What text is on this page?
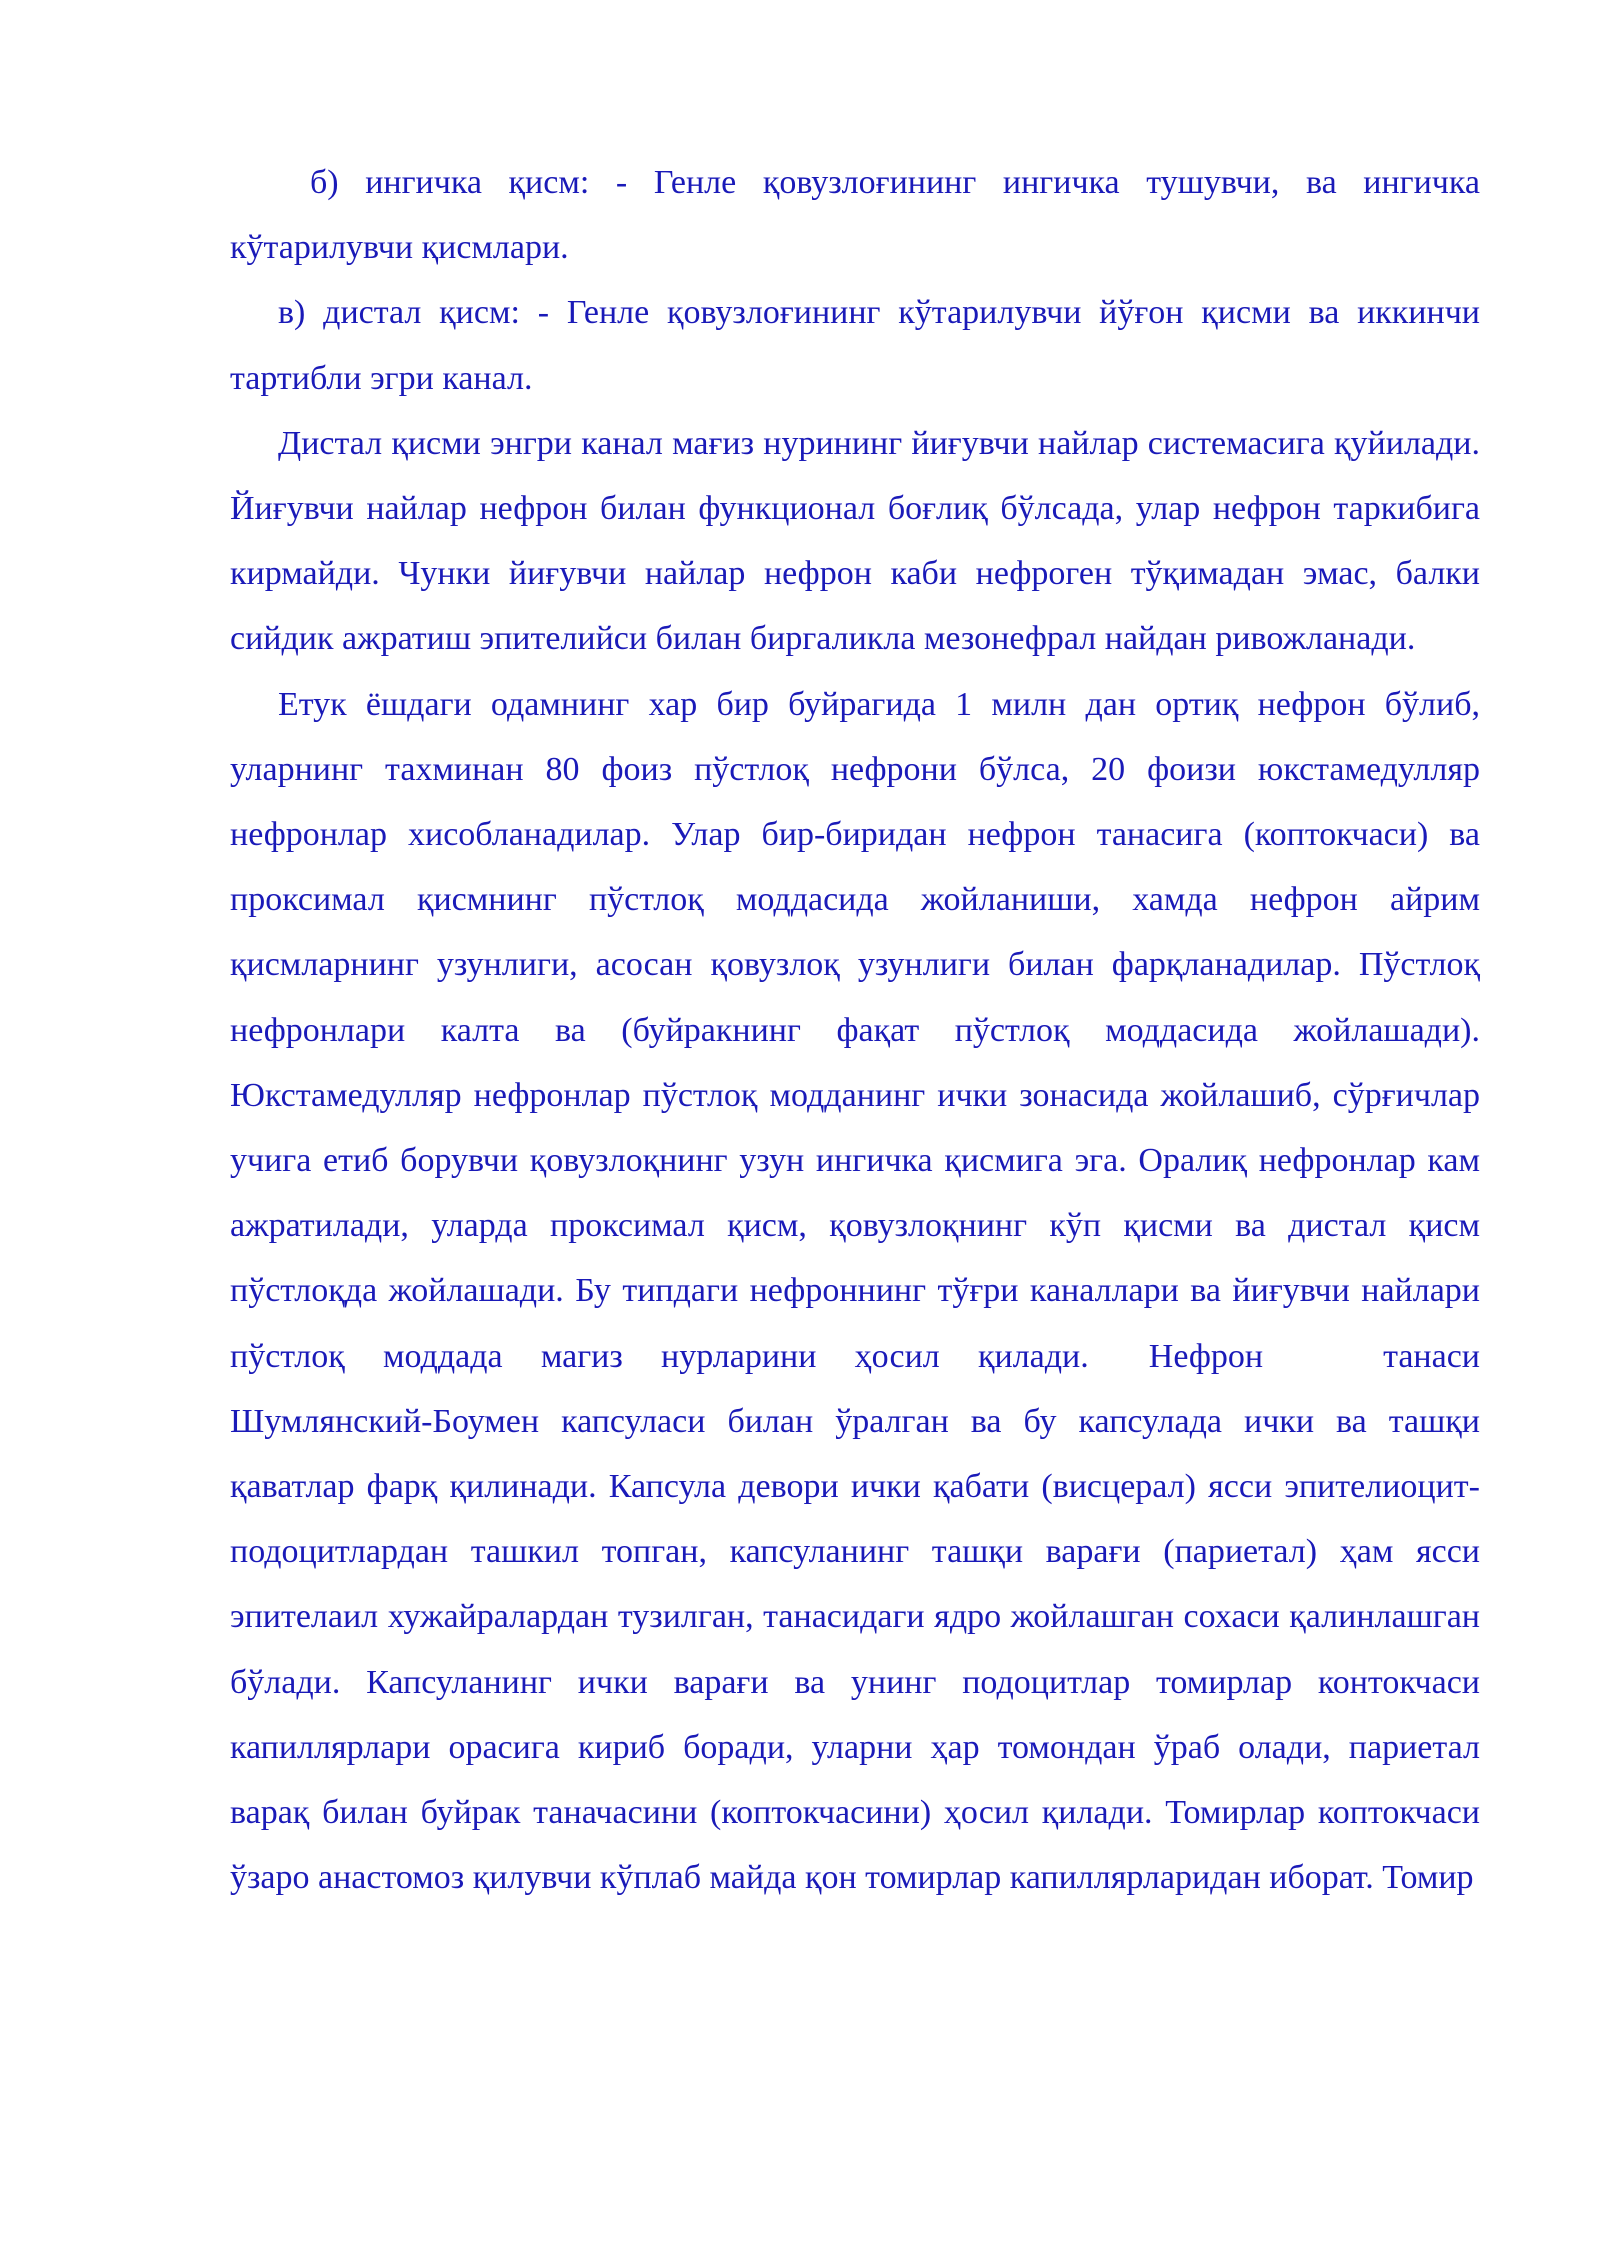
б) ингичка қисм: - Генле қовузлоғининг ингичка тушувчи, ва ингичка кўтарилувчи қисмлари.

в) дистал қисм: - Генле қовузлоғининг кўтарилувчи йўғон қисми ва иккинчи тартибли эгри канал.

Дистал қисми энгри канал мағиз нурининг йиғувчи найлар системасига қуйилади. Йиғувчи найлар нефрон билан функционал боғлиқ бўлсада, улар нефрон таркибига кирмайди. Чунки йиғувчи найлар нефрон каби нефроген тўқимадан эмас, балки сийдик ажратиш эпителийси билан биргаликла мезонефрал найдан ривожланади.

Етук ёшдаги одамнинг хар бир буйрагида 1 милн дан ортиқ нефрон бўлиб, уларнинг тахминан 80 фоиз пўстлоқ нефрони бўлса, 20 фоизи юкстамедулляр нефронлар хисобланадилар. Улар бир-биридан нефрон танасига (коптокчаси) ва проксимал қисмнинг пўстлоқ моддасида жойланиши, хамда нефрон айрим қисмларнинг узунлиги, асосан қовузлоқ узунлиги билан фарқланадилар. Пўстлоқ нефронлари калта ва (буйракнинг фақат пўстлоқ моддасида жойлашади). Юкстамедулляр нефронлар пўстлоқ модданинг ички зонасида жойлашиб, сўрғичлар учига етиб борувчи қовузлоқнинг узун ингичка қисмига эга. Оралиқ нефронлар кам ажратилади, уларда проксимал қисм, қовузлоқнинг кўп қисми ва дистал қисм пўстлоқда жойлашади. Бу типдаги нефроннинг тўғри каналлари ва йиғувчи найлари пўстлоқ моддада магиз нурларини ҳосил қилади. Нефрон	танаси Шумлянский-Боумен капсуласи билан ўралган ва бу капсулада ички ва ташқи қаватлар фарқ қилинади. Капсула девори ички қабати (висцерал) ясси эпителиоцит-подоцитлардан ташкил топган, капсуланинг ташқи варағи (париетал) ҳам ясси эпителаил хужайралардан тузилган, танасидаги ядро жойлашган сохаси қалинлашган бўлади. Капсуланинг ички варағи ва унинг подоцитлар томирлар контокчаси капиллярлари орасига кириб боради, уларни ҳар томондан ўраб олади, париетал варақ билан буйрак таначасини (коптокчасини) ҳосил қилади. Томирлар коптокчаси ўзаро анастомоз қилувчи кўплаб майда қон томирлар капиллярларидан иборат. Томир
